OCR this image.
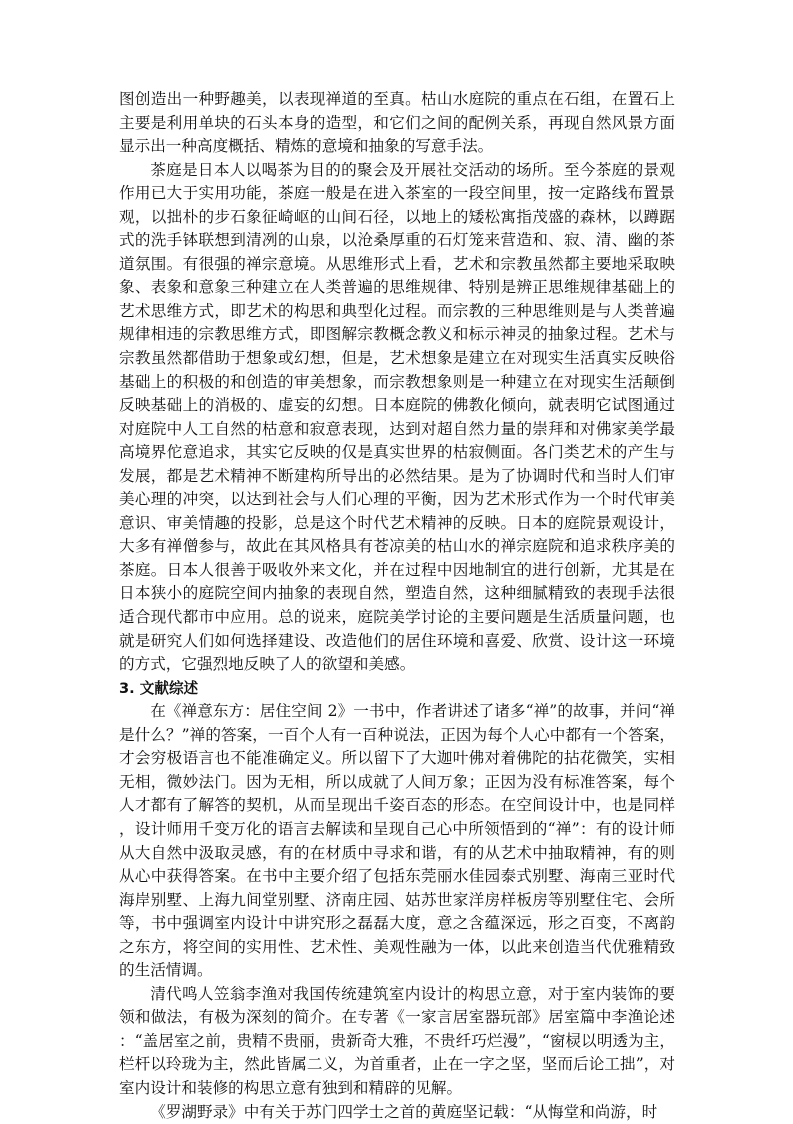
图创造出一种野趣美，以表现禅道的至真。枯山水庭院的重点在石组，在置石上主要是利用单块的石头本身的造型，和它们之间的配例关系，再现自然风景方面显示出一种高度概括、精炼的意境和抽象的写意手法。

茶庭是日本人以喝茶为目的的聚会及开展社交活动的场所。至今茶庭的景观作用已大于实用功能，茶庭一般是在进入茶室的一段空间里，按一定路线布置景观，以拙朴的步石象征崎岖的山间石径，以地上的矮松寓指茂盛的森林，以蹲踞式的洗手钵联想到清冽的山泉，以沧桑厚重的石灯笼来营造和、寂、清、幽的茶道氛围。有很强的禅宗意境。从思维形式上看，艺术和宗教虽然都主要地采取映象、表象和意象三种建立在人类普遍的思维规律、特别是辨正思维规律基础上的艺术思维方式，即艺术的构思和典型化过程。而宗教的三种思维则是与人类普遍规律相违的宗教思维方式，即图解宗教概念教义和标示神灵的抽象过程。艺术与宗教虽然都借助于想象或幻想，但是，艺术想象是建立在对现实生活真实反映俗基础上的积极的和创造的审美想象，而宗教想象则是一种建立在对现实生活颠倒反映基础上的消极的、虚妄的幻想。日本庭院的佛教化倾向，就表明它试图通过对庭院中人工自然的枯意和寂意表现，达到对超自然力量的崇拜和对佛家美学最高境界佗意追求，其实它反映的仅是真实世界的枯寂侧面。各门类艺术的产生与发展，都是艺术精神不断建构所导出的必然结果。是为了协调时代和当时人们审美心理的冲突，以达到社会与人们心理的平衡，因为艺术形式作为一个时代审美意识、审美情趣的投影，总是这个时代艺术精神的反映。日本的庭院景观设计，大多有禅僧参与，故此在其风格具有苍凉美的枯山水的禅宗庭院和追求秩序美的茶庭。日本人很善于吸收外来文化，并在过程中因地制宜的进行创新，尤其是在日本狭小的庭院空间内抽象的表现自然，塑造自然，这种细腻精致的表现手法很适合现代都市中应用。总的说来，庭院美学讨论的主要问题是生活质量问题，也就是研究人们如何选择建设、改造他们的居住环境和喜爱、欣赏、设计这一环境的方式，它强烈地反映了人的欲望和美感。

3. 文献综述

在《禅意东方：居住空间 2》一书中，作者讲述了诸多“禅”的故事，并问“禅是什么？”禅的答案，一百个人有一百种说法，正因为每个人心中都有一个答案，才会穷极语言也不能准确定义。所以留下了大迦叶佛对着佛陀的拈花微笑，实相无相，微妙法门。因为无相，所以成就了人间万象；正因为没有标准答案，每个人才都有了解答的契机，从而呈现出千姿百态的形态。在空间设计中，也是同样，设计师用千变万化的语言去解读和呈现自己心中所领悟到的“禅”：有的设计师从大自然中汲取灵感，有的在材质中寻求和谐，有的从艺术中抽取精神，有的则从心中获得答案。在书中主要介绍了包括东莞丽水佳园泰式别墅、海南三亚时代海岸别墅、上海九间堂别墅、济南庄园、姑苏世家洋房样板房等别墅住宅、会所等，书中强调室内设计中讲究形之磊磊大度，意之含蕴深远，形之百变，不离韵之东方，将空间的实用性、艺术性、美观性融为一体，以此来创造当代优雅精致的生活情调。

清代鸣人笠翁李渔对我国传统建筑室内设计的构思立意，对于室内装饰的要领和做法，有极为深刻的简介。在专著《一家言居室器玩部》居室篇中李渔论述：“盖居室之前，贵精不贵丽，贵新奇大雅，不贵纤巧烂漫”，“窗棂以明透为主，栏杆以玲珑为主，然此皆属二义，为首重者，止在一字之坚，坚而后论工拙”，对室内设计和装修的构思立意有独到和精辟的见解。

《罗湖野录》中有关于苏门四学士之首的黄庭坚记载：“从悔堂和尚游，时
